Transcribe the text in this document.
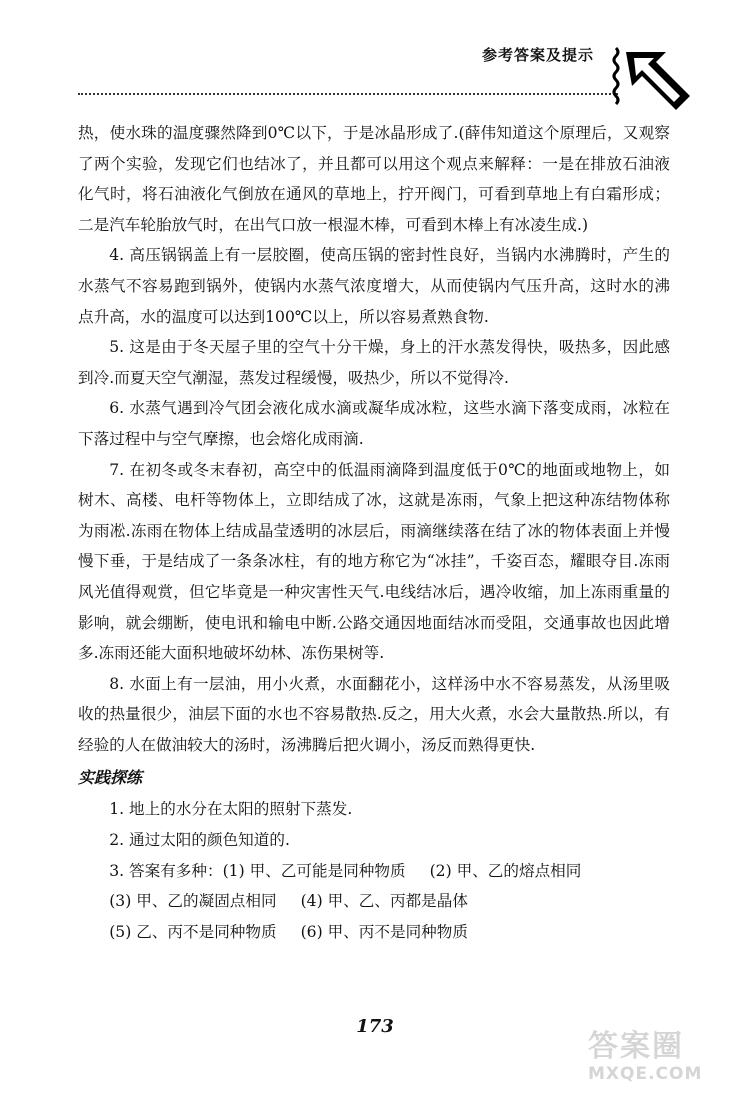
参考答案及提示

热，使水珠的温度骤然降到0℃以下，于是冰晶形成了.(薛伟知道这个原理后，又观察了两个实验，发现它们也结冰了，并且都可以用这个观点来解释：一是在排放石油液化气时，将石油液化气倒放在通风的草地上，拧开阀门，可看到草地上有白霜形成；二是汽车轮胎放气时，在出气口放一根湿木棒，可看到木棒上有冰凌生成.)

4. 高压锅锅盖上有一层胶圈，使高压锅的密封性良好，当锅内水沸腾时，产生的水蒸气不容易跑到锅外，使锅内水蒸气浓度增大，从而使锅内气压升高，这时水的沸点升高，水的温度可以达到100℃以上，所以容易煮熟食物.

5. 这是由于冬天屋子里的空气十分干燥，身上的汗水蒸发得快，吸热多，因此感到冷.而夏天空气潮湿，蒸发过程缓慢，吸热少，所以不觉得冷.

6. 水蒸气遇到冷气团会液化成水滴或凝华成冰粒，这些水滴下落变成雨，冰粒在下落过程中与空气摩擦，也会熔化成雨滴.

7. 在初冬或冬末春初，高空中的低温雨滴降到温度低于0℃的地面或地物上，如树木、高楼、电杆等物体上，立即结成了冰，这就是冻雨，气象上把这种冻结物体称为雨凇.冻雨在物体上结成晶莹透明的冰层后，雨滴继续落在结了冰的物体表面上并慢慢下垂，于是结成了一条条冰柱，有的地方称它为“冰挂”，千姿百态，耀眼夺目.冻雨风光值得观赏，但它毕竟是一种灾害性天气.电线结冰后，遇冷收缩，加上冻雨重量的影响，就会绷断，使电讯和输电中断.公路交通因地面结冰而受阻，交通事故也因此增多.冻雨还能大面积地破坏幼林、冻伤果树等.

8. 水面上有一层油，用小火煮，水面翻花小，这样汤中水不容易蒸发，从汤里吸收的热量很少，油层下面的水也不容易散热.反之，用大火煮，水会大量散热.所以，有经验的人在做油较大的汤时，汤沸腾后把火调小，汤反而熟得更快.

实践探练

1. 地上的水分在太阳的照射下蒸发.

2. 通过太阳的颜色知道的.

3. 答案有多种：(1) 甲、乙可能是同种物质 (2) 甲、乙的熔点相同

(3) 甲、乙的凝固点相同 (4) 甲、乙、丙都是晶体

(5) 乙、丙不是同种物质 (6) 甲、丙不是同种物质

173
答案圈
MXQE.COM
